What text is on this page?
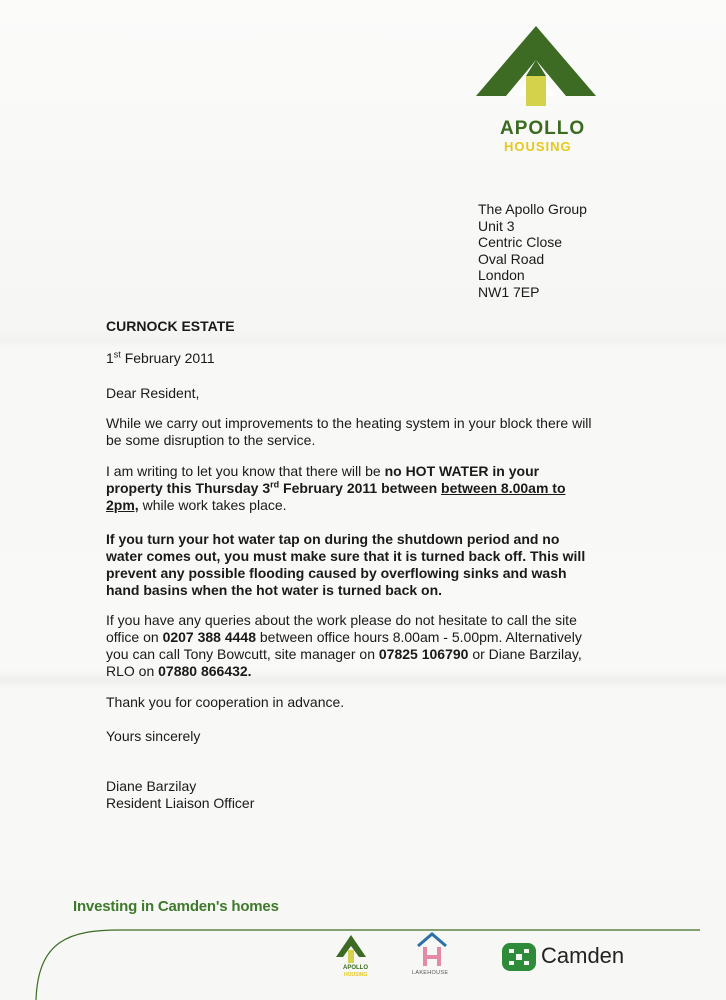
APOLLO
HOUSING
The Apollo Group
Unit 3
Centric Close
Oval Road
London
NW1 7EP
CURNOCK ESTATE
1st February 2011
Dear Resident,
While we carry out improvements to the heating system in your block there will be some disruption to the service.
I am writing to let you know that there will be no HOT WATER in your property this Thursday 3rd February 2011 between between 8.00am to 2pm, while work takes place.
If you turn your hot water tap on during the shutdown period and no water comes out, you must make sure that it is turned back off. This will prevent any possible flooding caused by overflowing sinks and wash hand basins when the hot water is turned back on.
If you have any queries about the work please do not hesitate to call the site office on 0207 388 4448 between office hours 8.00am - 5.00pm. Alternatively you can call Tony Bowcutt, site manager on 07825 106790 or Diane Barzilay, RLO on 07880 866432.
Thank you for cooperation in advance.
Yours sincerely
Diane Barzilay
Resident Liaison Officer
Investing in Camden's homes
APOLLO
HOUSING	LAKEHOUSE
Camden
